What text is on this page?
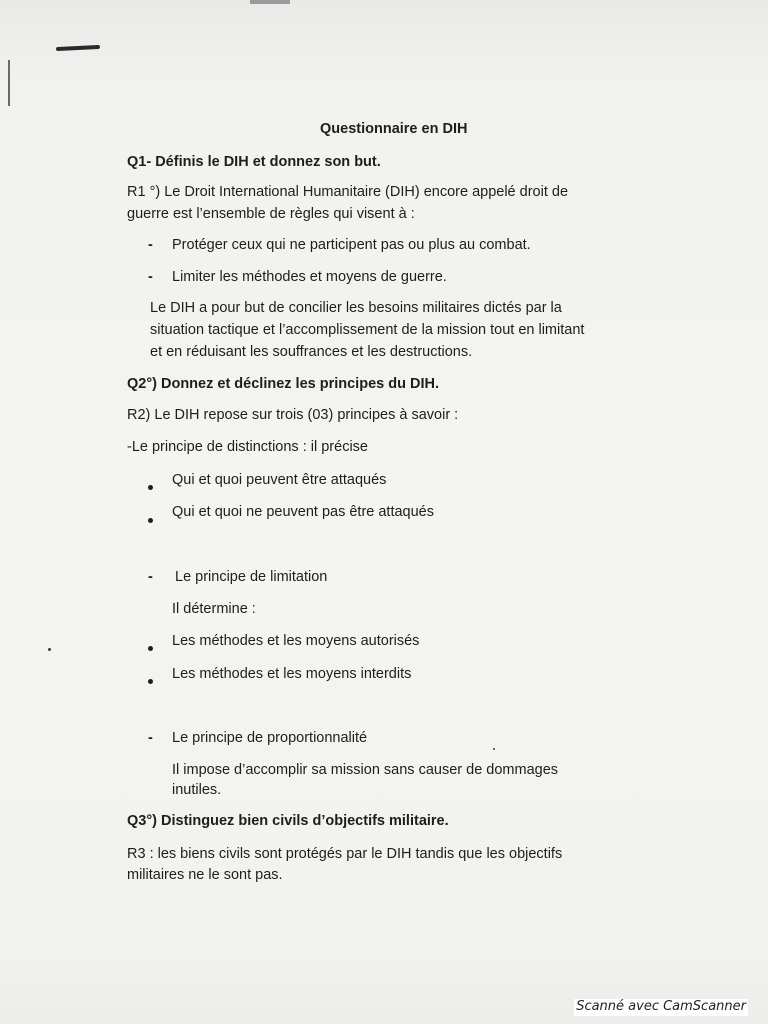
Questionnaire en DIH
Q1- Définis le DIH et donnez son but.
R1 °) Le Droit International Humanitaire (DIH) encore appelé droit de
guerre est l’ensemble de règles qui visent à :
- Protéger ceux qui ne participent pas ou plus au combat.
- Limiter les méthodes et moyens de guerre.
Le DIH a pour but de concilier les besoins militaires dictés par la
situation tactique et l’accomplissement de la mission tout en limitant
et en réduisant les souffrances et les destructions.
Q2°) Donnez et déclinez les principes du DIH.
R2) Le DIH repose sur trois (03) principes à savoir :
-Le principe de distinctions : il précise
Qui et quoi peuvent être attaqués
Qui et quoi ne peuvent pas être attaqués
- Le principe de limitation
Il détermine :
Les méthodes et les moyens autorisés
Les méthodes et les moyens interdits
- Le principe de proportionnalité
Il impose d’accomplir sa mission sans causer de dommages
inutiles.
Q3°) Distinguez bien civils d’objectifs militaire.
R3 : les biens civils sont protégés par le DIH tandis que les objectifs
militaires ne le sont pas.
Scanné avec CamScanner
